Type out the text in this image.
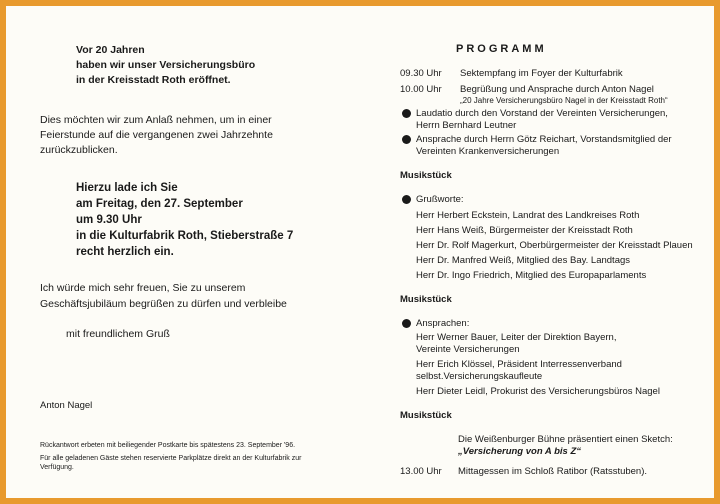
Vor 20 Jahren
haben wir unser Versicherungsbüro
in der Kreisstadt Roth eröffnet.
Dies möchten wir zum Anlaß nehmen, um in einer
Feierstunde auf die vergangenen zwei Jahrzehnte
zurückzublicken.
Hierzu lade ich Sie
am Freitag, den 27. September
um 9.30 Uhr
in die Kulturfabrik Roth, Stieberstraße 7
recht herzlich ein.
Ich würde mich sehr freuen, Sie zu unserem
Geschäftsjubiläum begrüßen zu dürfen und verbleibe
mit freundlichem Gruß
Anton Nagel
Rückantwort erbeten mit beiliegender Postkarte bis spätestens 23. September '96.
Für alle geladenen Gäste stehen reservierte Parkplätze direkt an der Kulturfabrik zur
Verfügung.
PROGRAMM
09.30 Uhr Sektempfang im Foyer der Kulturfabrik
10.00 Uhr Begrüßung und Ansprache durch Anton Nagel
„20 Jahre Versicherungsbüro Nagel in der Kreisstadt Roth“
Laudatio durch den Vorstand der Vereinten Versicherungen,
Herrn Bernhard Leutner
Ansprache durch Herrn Götz Reichart, Vorstandsmitglied der
Vereinten Krankenversicherungen
Musikstück
Grußworte:
Herr Herbert Eckstein, Landrat des Landkreises Roth
Herr Hans Weiß, Bürgermeister der Kreisstadt Roth
Herr Dr. Rolf Magerkurt, Oberbürgermeister der Kreisstadt Plauen
Herr Dr. Manfred Weiß, Mitglied des Bay. Landtags
Herr Dr. Ingo Friedrich, Mitglied des Europaparlaments
Musikstück
Ansprachen:
Herr Werner Bauer, Leiter der Direktion Bayern,
Vereinte Versicherungen
Herr Erich Klössel, Präsident Interressenverband
selbst.Versicherungskaufleute
Herr Dieter Leidl, Prokurist des Versicherungsbüros Nagel
Musikstück
Die Weißenburger Bühne präsentiert einen Sketch:
„Versicherung von A bis Z“
13.00 Uhr Mittagessen im Schloß Ratibor (Ratsstuben).
